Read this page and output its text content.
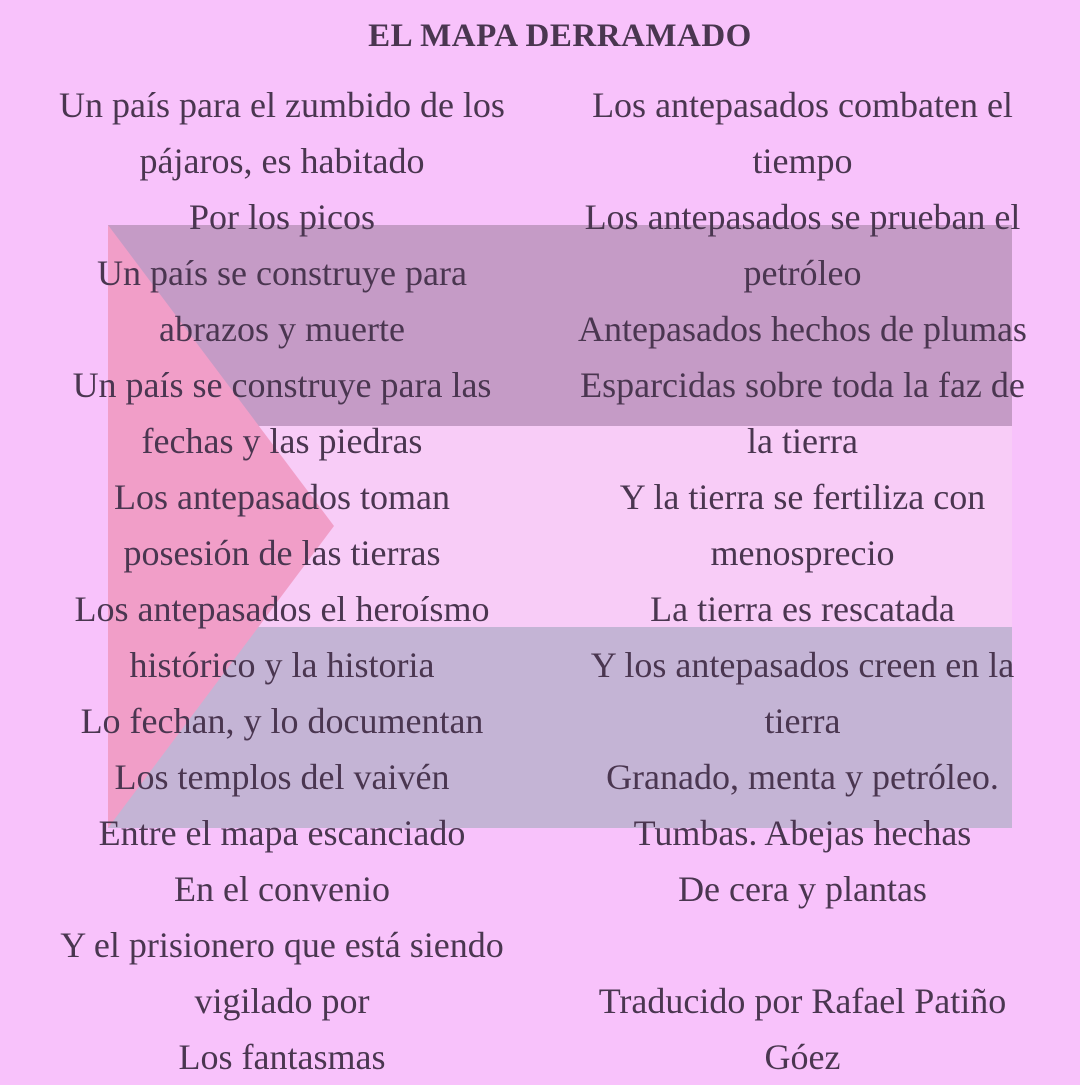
EL MAPA DERRAMADO
Un país para el zumbido de los
pájaros, es habitado
Por los picos
Un país se construye para
abrazos y muerte
Un país se construye para las
fechas y las piedras
Los antepasados toman
posesión de las tierras
Los antepasados el heroísmo
histórico y la historia
Lo fechan, y lo documentan
Los templos del vaivén
Entre el mapa escanciado
En el convenio
Y el prisionero que está siendo
vigilado por
Los fantasmas
Los antepasados combaten el
tiempo
Los antepasados se prueban el
petróleo
Antepasados hechos de plumas
Esparcidas sobre toda la faz de
la tierra
Y la tierra se fertiliza con
menosprecio
La tierra es rescatada
Y los antepasados creen en la
tierra
Granado, menta y petróleo.
Tumbas. Abejas hechas
De cera y plantas
Traducido por Rafael Patiño
Góez
